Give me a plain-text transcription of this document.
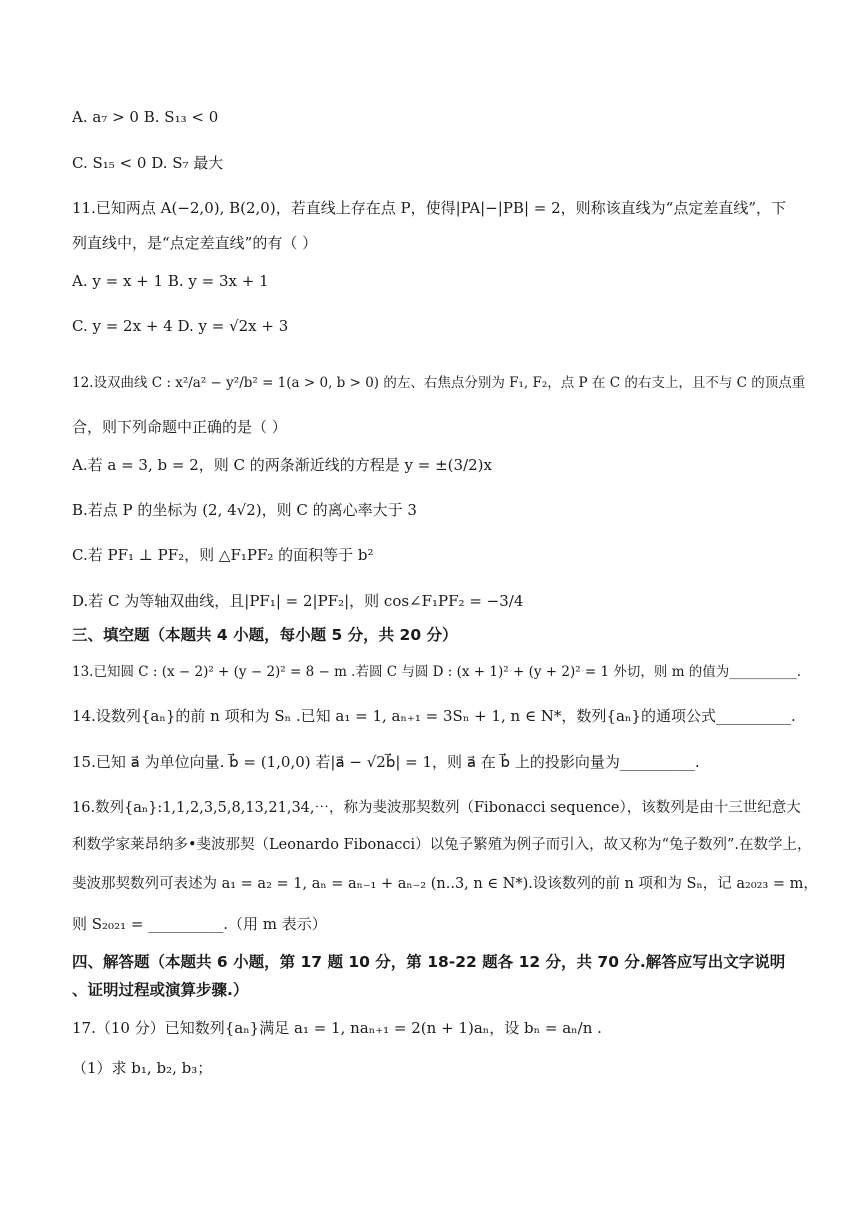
A. a₇ > 0 B. S₁₃ < 0
C. S₁₅ < 0 D. S₇ 最大
11.已知两点 A(−2,0), B(2,0)，若直线上存在点 P，使得|PA|−|PB| = 2，则称该直线为“点定差直线”，下
列直线中，是“点定差直线”的有（ ）
A. y = x + 1 B. y = 3x + 1
C. y = 2x + 4 D. y = √2x + 3
12.设双曲线 C : x²/a² − y²/b² = 1(a > 0, b > 0) 的左、右焦点分别为 F₁, F₂，点 P 在 C 的右支上，且不与 C 的顶点重
合，则下列命题中正确的是（ ）
A.若 a = 3, b = 2，则 C 的两条渐近线的方程是 y = ±(3/2)x
B.若点 P 的坐标为 (2, 4√2)，则 C 的离心率大于 3
C.若 PF₁ ⊥ PF₂，则 △F₁PF₂ 的面积等于 b²
D.若 C 为等轴双曲线，且|PF₁| = 2|PF₂|，则 cos∠F₁PF₂ = −3/4
三、填空题（本题共 4 小题，每小题 5 分，共 20 分）
13.已知圆 C : (x − 2)² + (y − 2)² = 8 − m .若圆 C 与圆 D : (x + 1)² + (y + 2)² = 1 外切，则 m 的值为__________.
14.设数列{aₙ}的前 n 项和为 Sₙ .已知 a₁ = 1, aₙ₊₁ = 3Sₙ + 1, n ∈ N*，数列{aₙ}的通项公式__________.
15.已知 a⃗ 为单位向量. b⃗ = (1,0,0) 若|a⃗ − √2b⃗| = 1，则 a⃗ 在 b⃗ 上的投影向量为__________.
16.数列{aₙ}:1,1,2,3,5,8,13,21,34,⋯，称为斐波那契数列（Fibonacci sequence），该数列是由十三世纪意大
利数学家莱昂纳多•斐波那契（Leonardo Fibonacci）以兔子繁殖为例子而引入，故又称为“兔子数列”.在数学上，
斐波那契数列可表述为 a₁ = a₂ = 1, aₙ = aₙ₋₁ + aₙ₋₂ (n..3, n ∈ N*).设该数列的前 n 项和为 Sₙ，记 a₂₀₂₃ = m，
则 S₂₀₂₁ = __________.（用 m 表示）
四、解答题（本题共 6 小题，第 17 题 10 分，第 18-22 题各 12 分，共 70 分.解答应写出文字说明
、证明过程或演算步骤.）
17.（10 分）已知数列{aₙ}满足 a₁ = 1, naₙ₊₁ = 2(n + 1)aₙ，设 bₙ = aₙ/n .
（1）求 b₁, b₂, b₃；
